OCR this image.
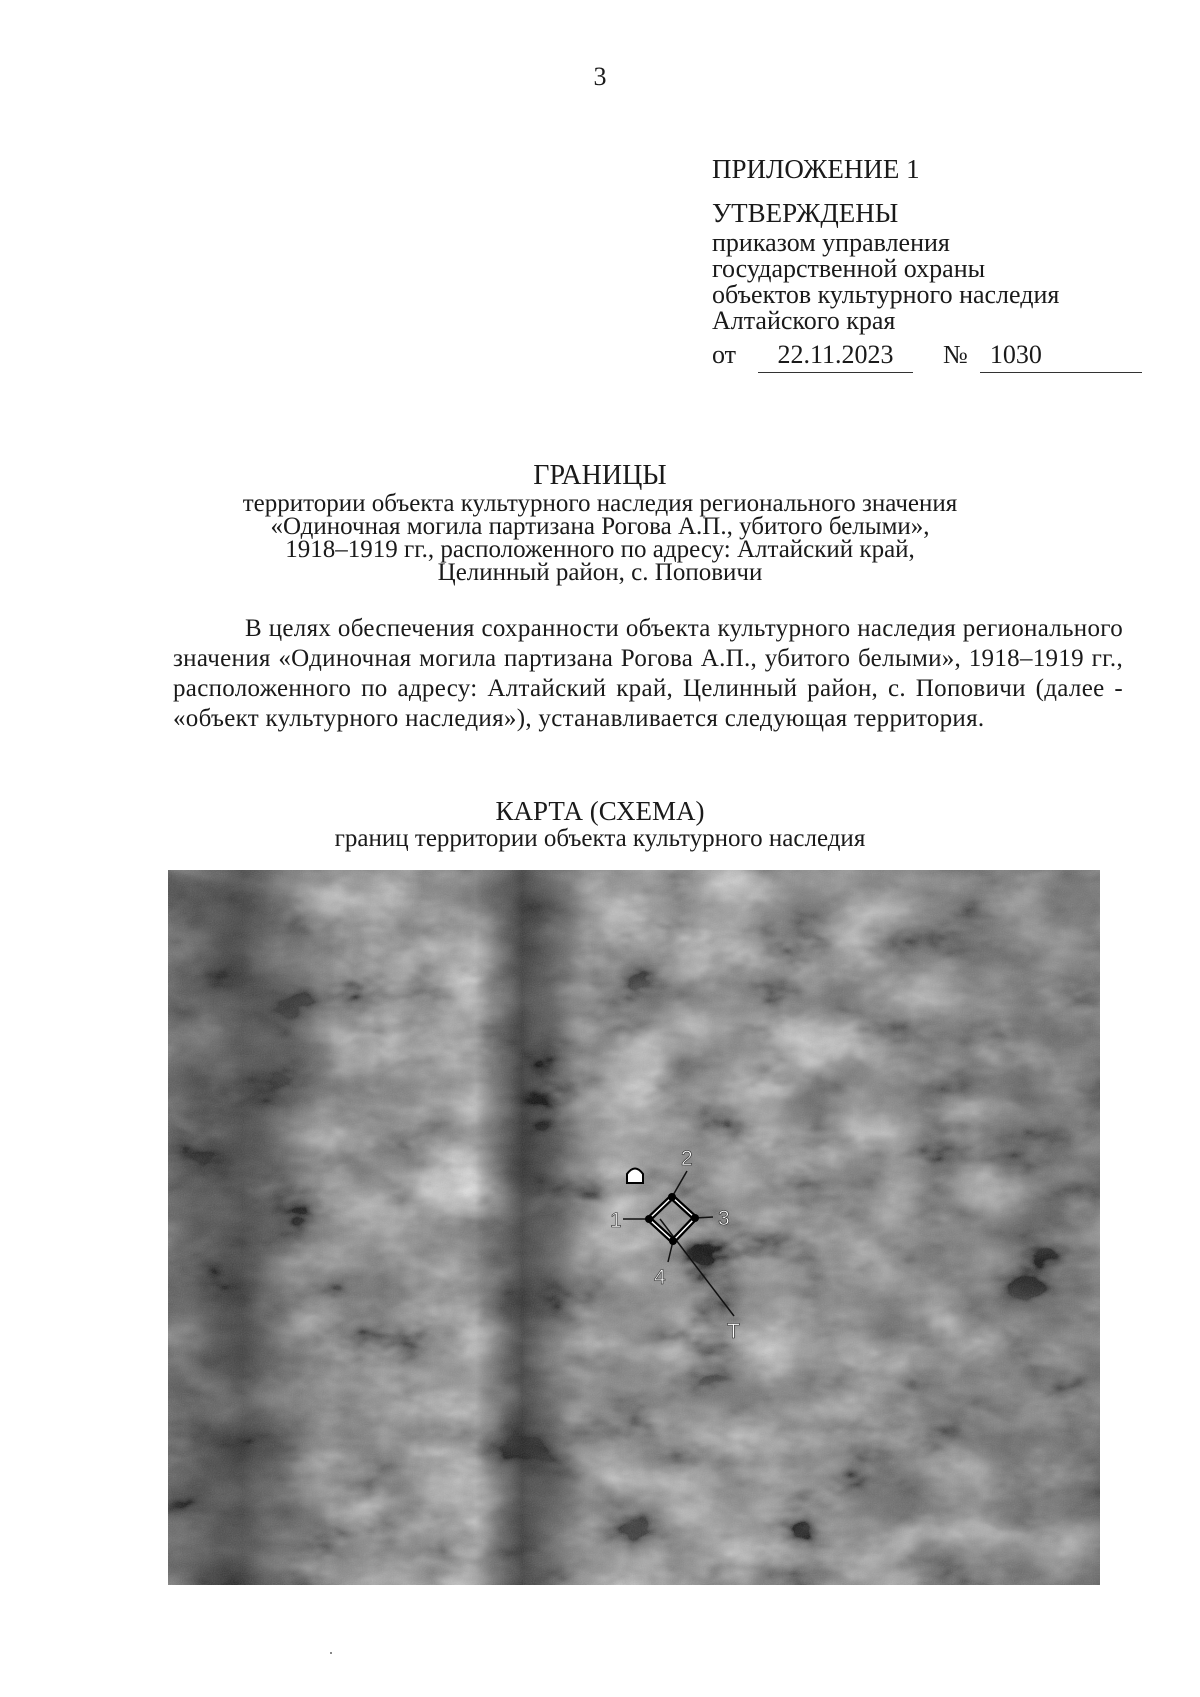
3
ПРИЛОЖЕНИЕ 1
УТВЕРЖДЕНЫ
приказом управления
государственной охраны
объектов культурного наследия
Алтайского края
от	22.11.2023	№ 1030
ГРАНИЦЫ
территории объекта культурного наследия регионального значения
«Одиночная могила партизана Рогова А.П., убитого белыми»,
1918–1919 гг., расположенного по адресу: Алтайский край,
Целинный район, с. Поповичи
В целях обеспечения сохранности объекта культурного наследия регионального значения «Одиночная могила партизана Рогова А.П., убитого белыми», 1918–1919 гг., расположенного по адресу: Алтайский край, Целинный район, с. Поповичи (далее - «объект культурного наследия»), устанавливается следующая территория.
КАРТА (СХЕМА)
границ территории объекта культурного наследия
1
2
3
4
Т
